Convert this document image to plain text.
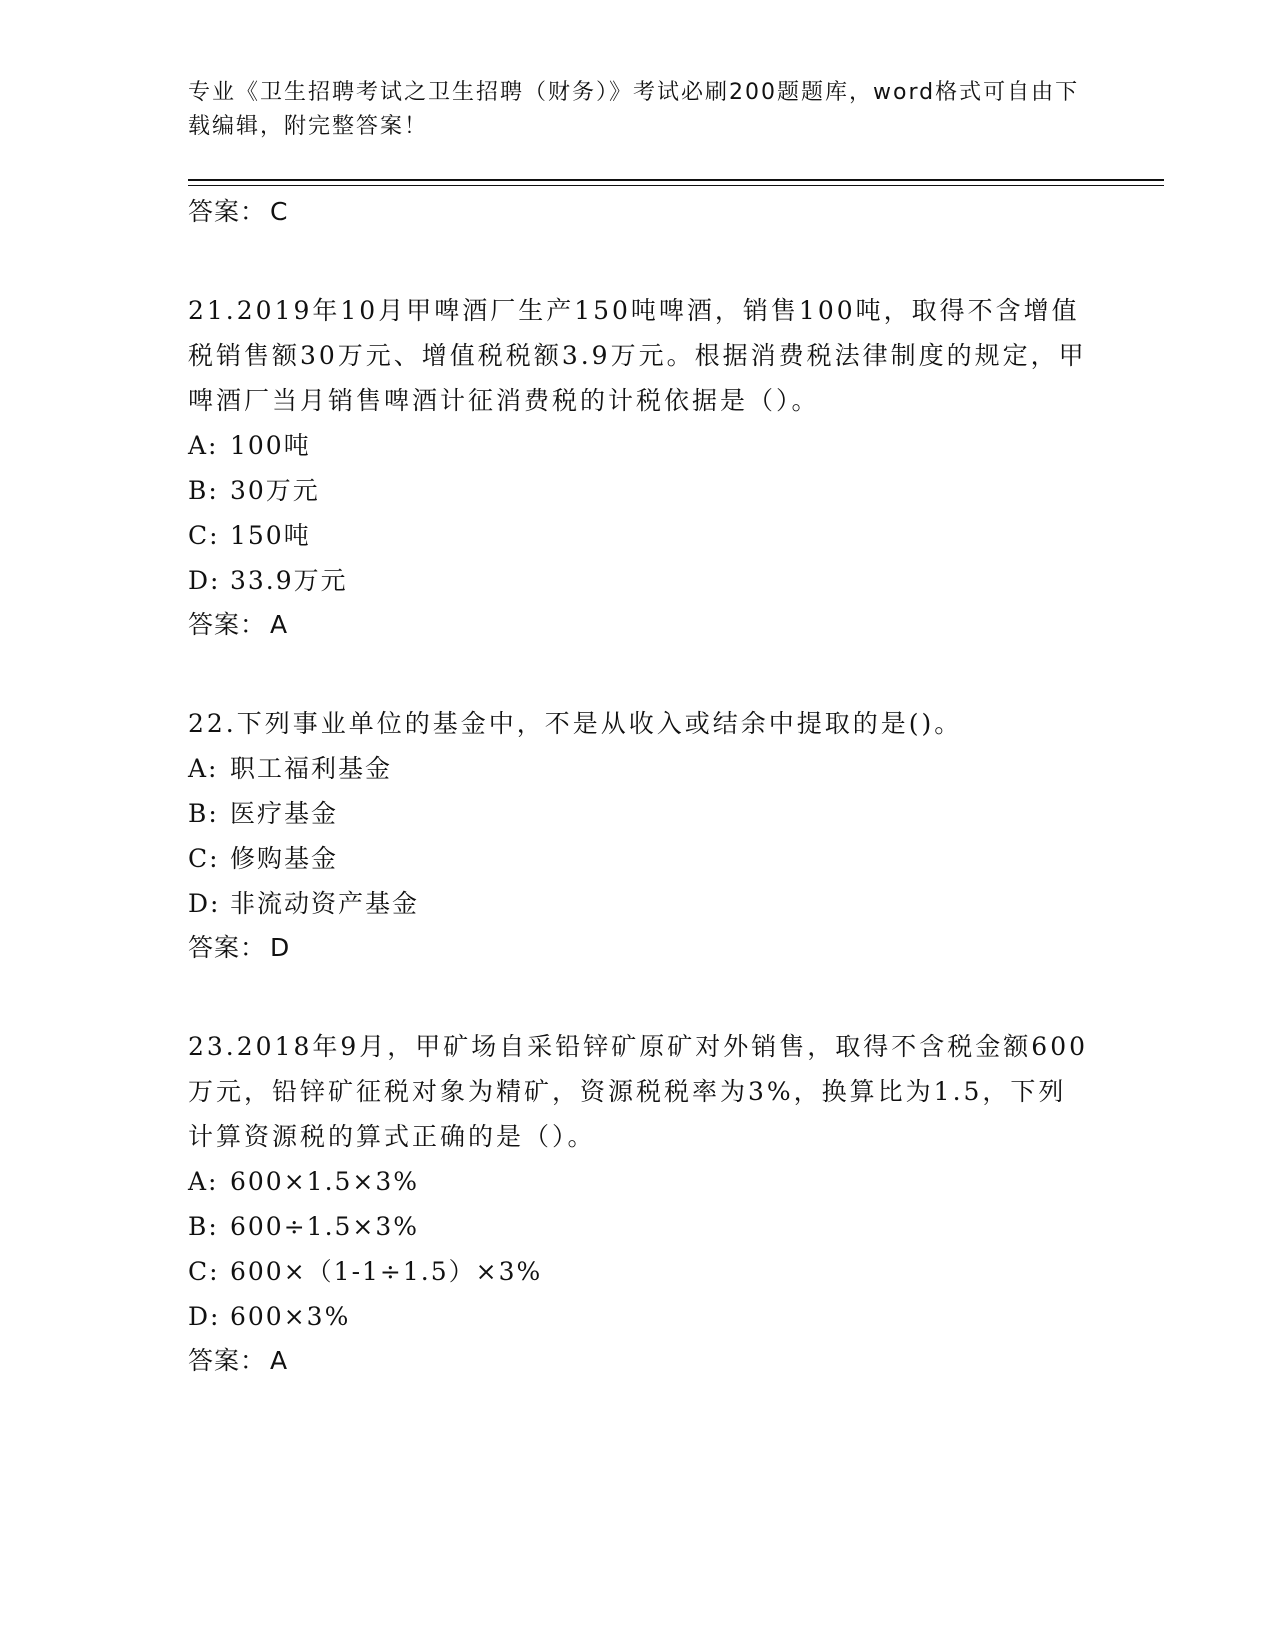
专业《卫生招聘考试之卫生招聘（财务）》考试必刷200题题库，word格式可自由下载编辑，附完整答案！

答案： C

21.2019年10月甲啤酒厂生产150吨啤酒，销售100吨，取得不含增值税销售额30万元、增值税税额3.9万元。根据消费税法律制度的规定，甲啤酒厂当月销售啤酒计征消费税的计税依据是（）。

A: 100吨

B: 30万元

C: 150吨

D: 33.9万元

答案： A

22.下列事业单位的基金中，不是从收入或结余中提取的是()。

A: 职工福利基金

B: 医疗基金

C: 修购基金

D: 非流动资产基金

答案： D

23.2018年9月，甲矿场自采铅锌矿原矿对外销售，取得不含税金额600万元，铅锌矿征税对象为精矿，资源税税率为3%，换算比为1.5，下列计算资源税的算式正确的是（）。

A: 600×1.5×3%

B: 600÷1.5×3%

C: 600×（1-1÷1.5）×3%

D: 600×3%

答案： A
